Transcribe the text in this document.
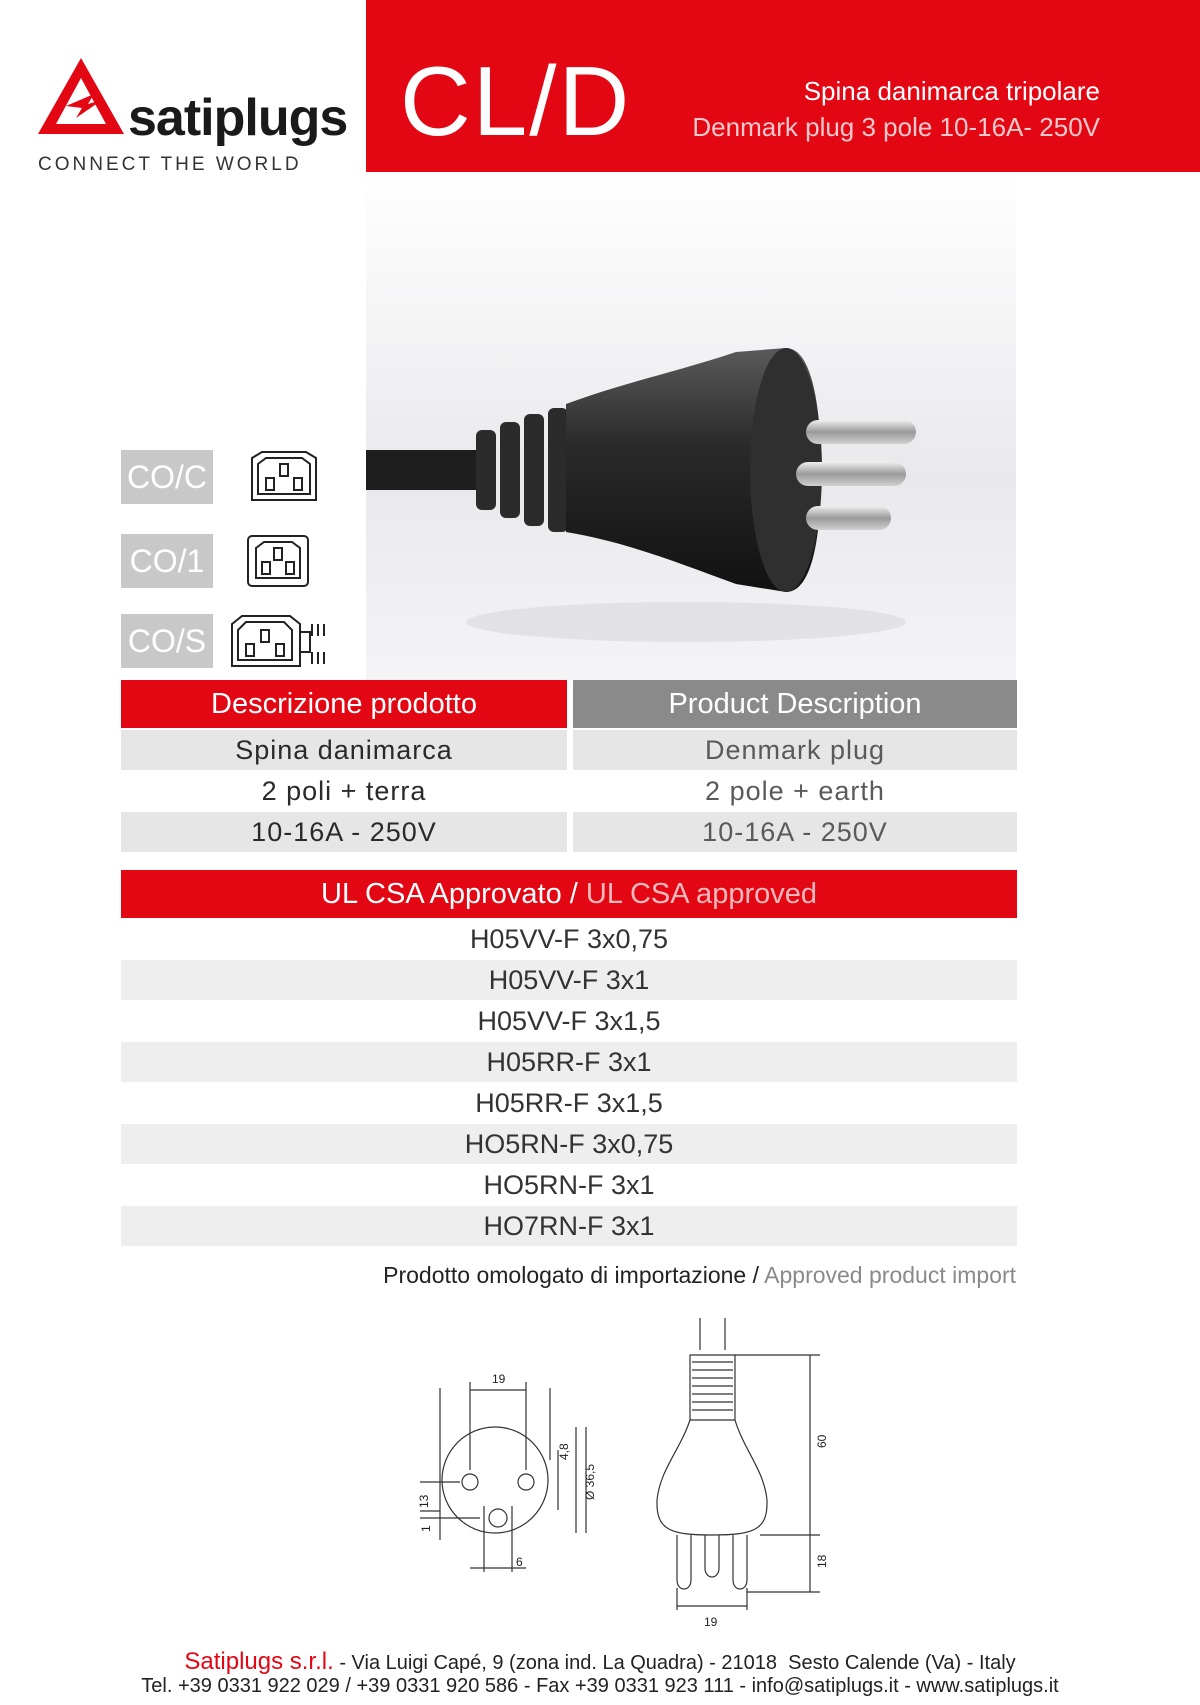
satiplugs
CONNECT THE WORLD
CL/D	Spina danimarca tripolare
Denmark plug 3 pole 10-16A- 250V
CO/C
CO/1
CO/S
Descrizione prodotto	Product Description
Spina danimarca	Denmark plug
2 poli + terra	2 pole + earth
10-16A - 250V	10-16A - 250V
UL CSA Approvato / UL CSA approved
H05VV-F 3x0,75
H05VV-F 3x1
H05VV-F 3x1,5
H05RR-F 3x1
H05RR-F 3x1,5
HO5RN-F 3x0,75
HO5RN-F 3x1
HO7RN-F 3x1
Prodotto omologato di importazione / Approved product import
19
4,8
Ø 36,5
13
1
6
60
18
19
Satiplugs s.r.l. - Via Luigi Capé, 9 (zona ind. La Quadra) - 21018  Sesto Calende (Va) - Italy
Tel. +39 0331 922 029 / +39 0331 920 586 - Fax +39 0331 923 111 - info@satiplugs.it - www.satiplugs.it
